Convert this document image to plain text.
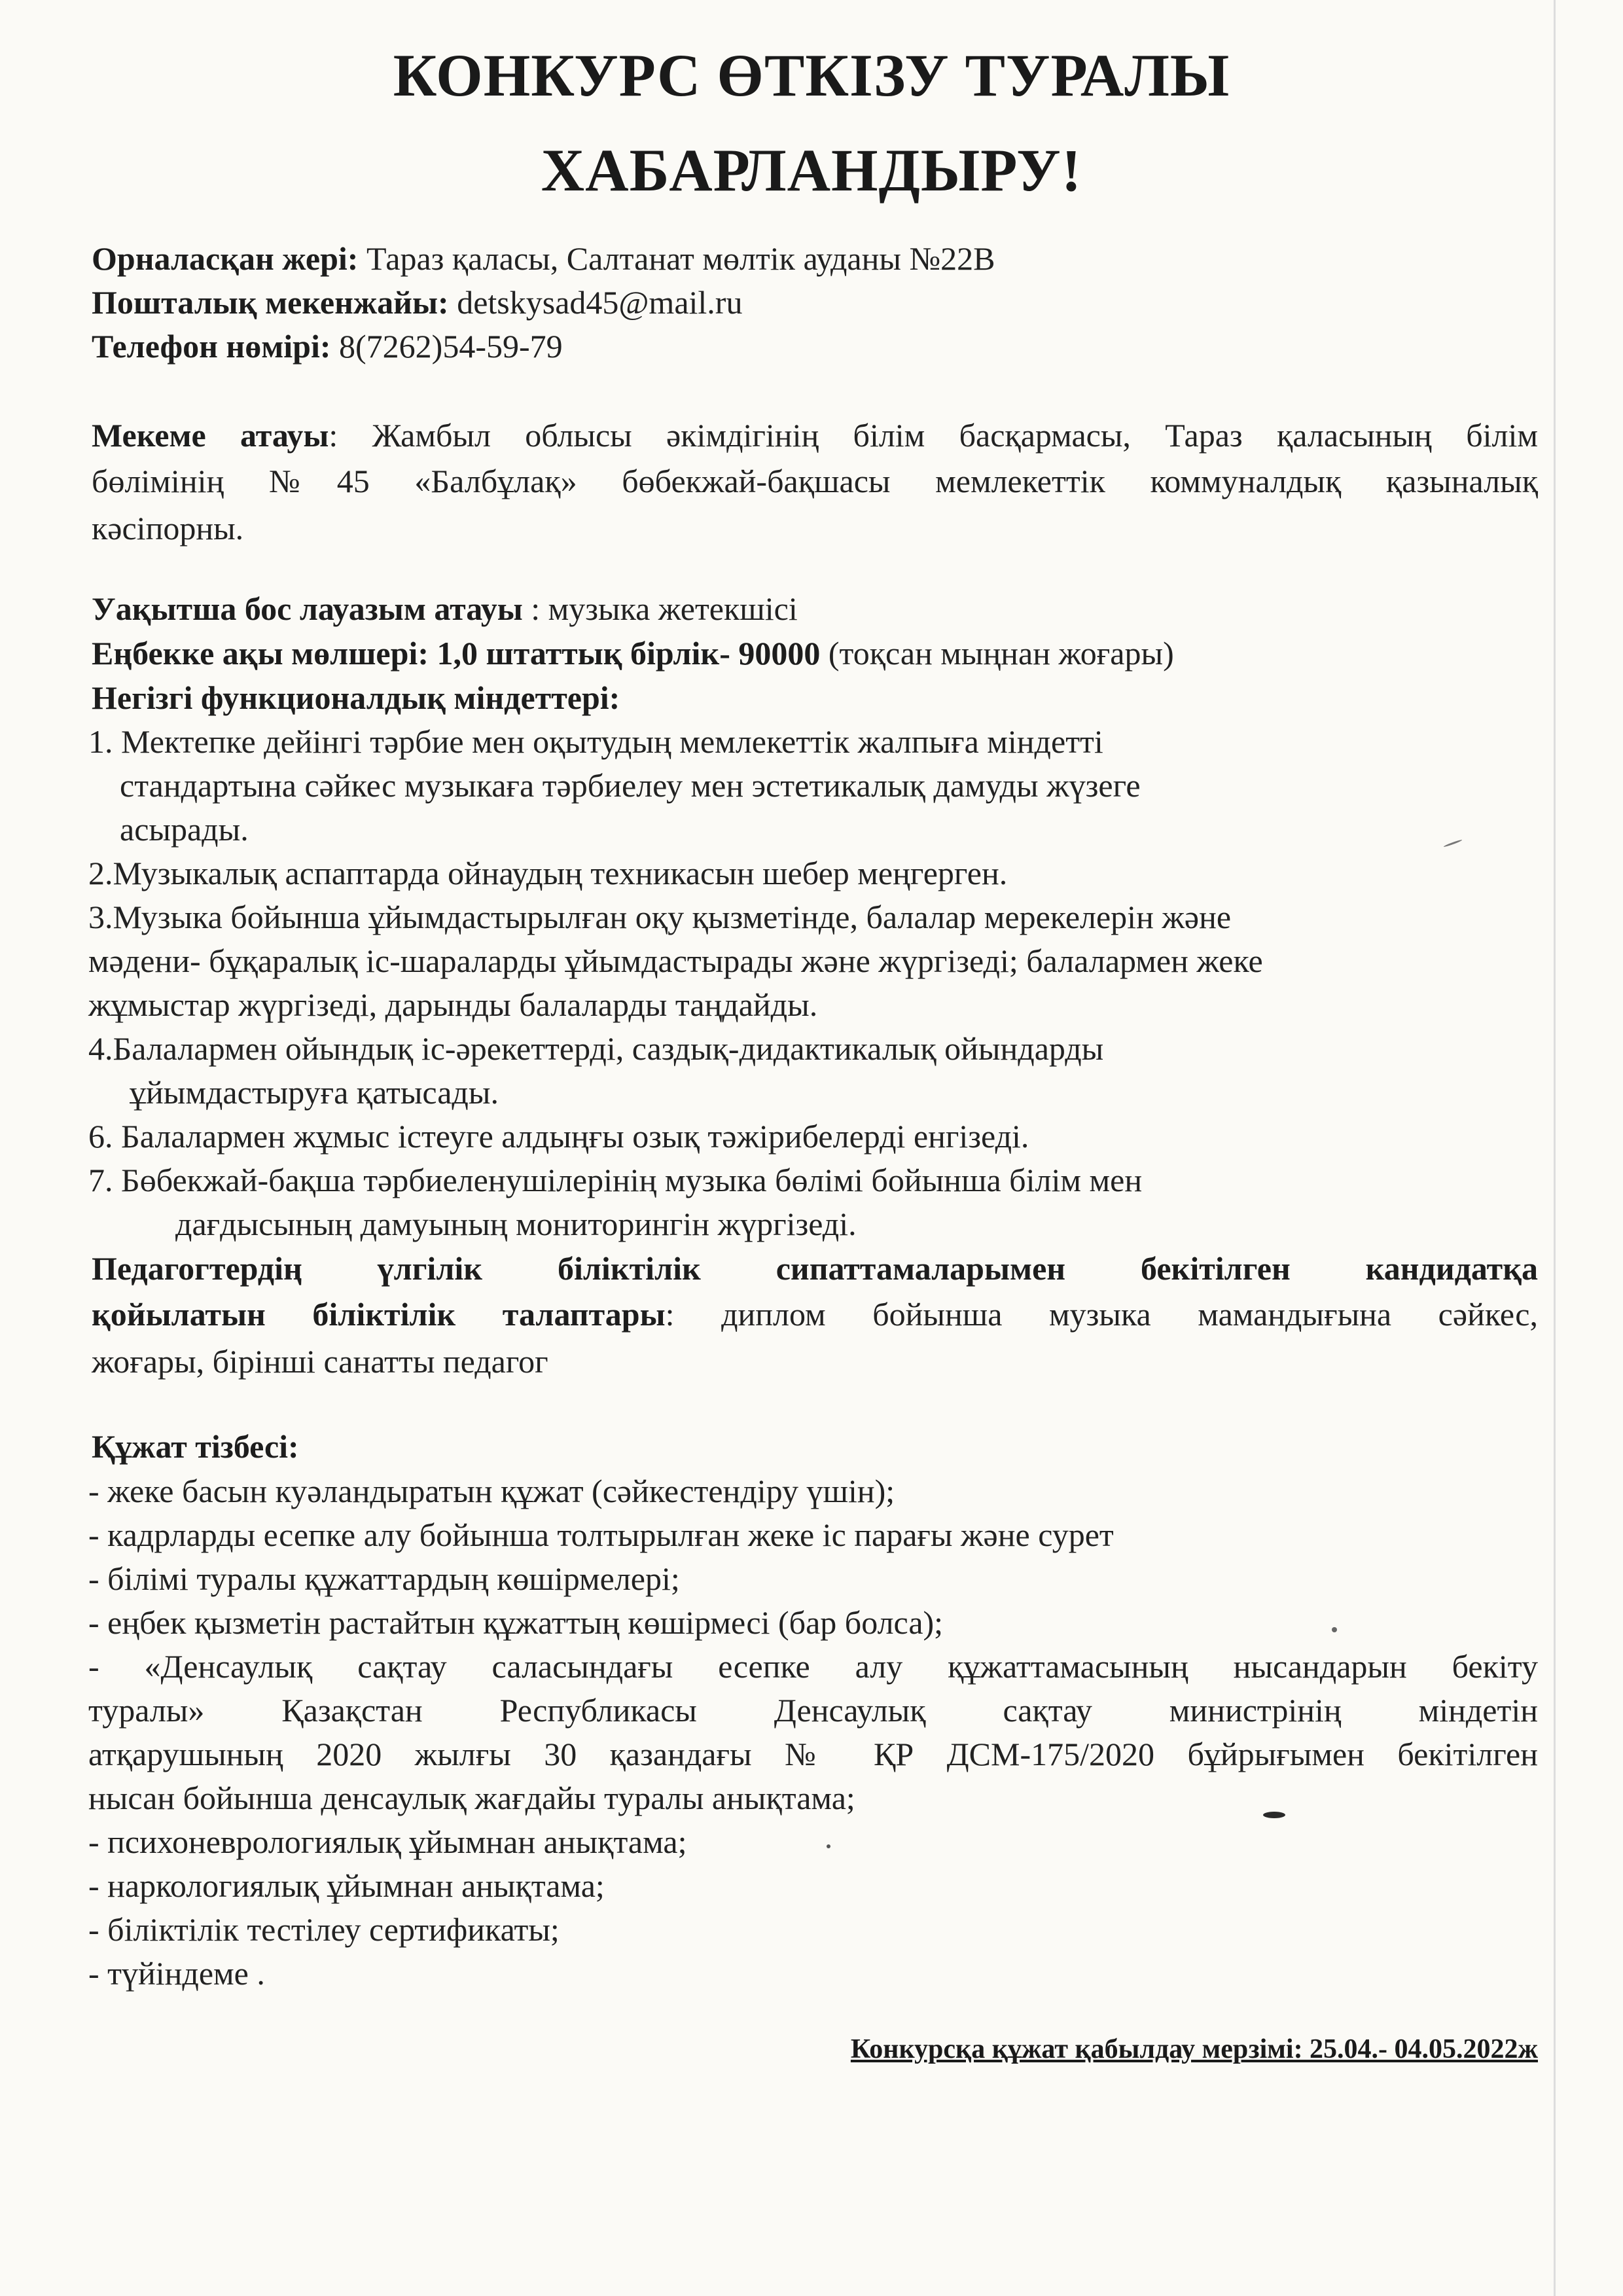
КОНКУРС ӨТКІЗУ ТУРАЛЫ
ХАБАРЛАНДЫРУ!
Орналасқан жері: Тараз қаласы, Салтанат мөлтік ауданы №22В
Пошталық мекенжайы: detskysad45@mail.ru
Телефон нөмірі: 8(7262)54-59-79
Мекеме атауы: Жамбыл облысы әкімдігінің білім басқармасы, Тараз қаласының білім
бөлімінің №45 «Балбұлақ» бөбекжай-бақшасы мемлекеттік коммуналдық қазыналық
кәсіпорны.
Уақытша бос лауазым атауы : музыка жетекшісі
Еңбекке ақы мөлшері: 1,0 штаттық бірлік- 90000 (тоқсан мыңнан жоғары)
Негізгі функционалдық міндеттері:
1. Мектепке дейінгі тәрбие мен оқытудың мемлекеттік жалпыға міндетті
стандартына сәйкес музыкаға тәрбиелеу мен эстетикалық дамуды жүзеге
асырады.
2.Музыкалық аспаптарда ойнаудың техникасын шебер меңгерген.
3.Музыка бойынша ұйымдастырылған оқу қызметінде, балалар мерекелерін және
мәдени- бұқаралық іс-шараларды ұйымдастырады және жүргізеді; балалармен жеке
жұмыстар жүргізеді, дарынды балаларды таңдайды.
4.Балалармен ойындық іс-әрекеттерді, саздық-дидактикалық ойындарды
ұйымдастыруға қатысады.
6. Балалармен жұмыс істеуге алдыңғы озық тәжірибелерді енгізеді.
7. Бөбекжай-бақша тәрбиеленушілерінің музыка бөлімі бойынша білім мен
дағдысының дамуының мониторингін жүргізеді.
Педагогтердің үлгілік біліктілік сипаттамаларымен бекітілген кандидатқа
қойылатын біліктілік талаптары: диплом бойынша музыка мамандығына сәйкес,
жоғары, бірінші санатты педагог
Құжат тізбесі:
- жеке басын куәландыратын құжат (сәйкестендіру үшін);
- кадрларды есепке алу бойынша толтырылған жеке іс парағы және сурет
- білімі туралы құжаттардың көшірмелері;
- еңбек қызметін растайтын құжаттың көшірмесі (бар болса);
- «Денсаулық сақтау саласындағы есепке алу құжаттамасының нысандарын бекіту
туралы» Қазақстан Республикасы Денсаулық сақтау министрінің міндетін
атқарушының 2020 жылғы 30 қазандағы № ҚР ДСМ-175/2020 бұйрығымен бекітілген
нысан бойынша денсаулық жағдайы туралы анықтама;
- психоневрологиялық ұйымнан анықтама;
- наркологиялық ұйымнан анықтама;
- біліктілік тестілеу сертификаты;
- түйіндеме .
Конкурсқа құжат қабылдау мерзімі: 25.04.- 04.05.2022ж
